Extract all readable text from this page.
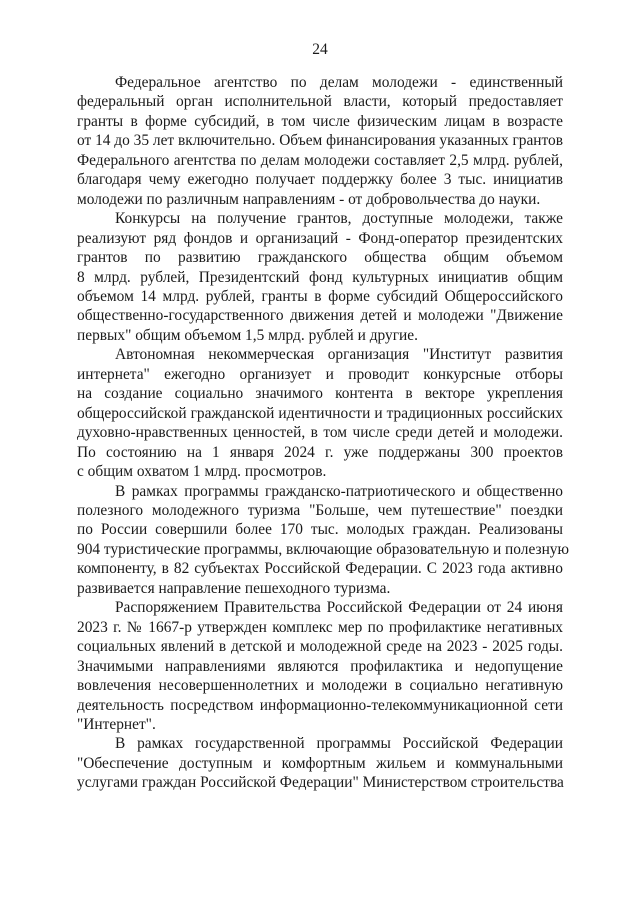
24
Федеральное агентство по делам молодежи - единственный
федеральный орган исполнительной власти, который предоставляет
гранты в форме субсидий, в том числе физическим лицам в возрасте
от 14 до 35 лет включительно. Объем финансирования указанных грантов
Федерального агентства по делам молодежи составляет 2,5 млрд. рублей,
благодаря чему ежегодно получает поддержку более 3 тыс. инициатив
молодежи по различным направлениям - от добровольчества до науки.
Конкурсы на получение грантов, доступные молодежи, также
реализуют ряд фондов и организаций - Фонд-оператор президентских
грантов по развитию гражданского общества общим объемом
8 млрд. рублей, Президентский фонд культурных инициатив общим
объемом 14 млрд. рублей, гранты в форме субсидий Общероссийского
общественно-государственного движения детей и молодежи "Движение
первых" общим объемом 1,5 млрд. рублей и другие.
Автономная некоммерческая организация "Институт развития
интернета" ежегодно организует и проводит конкурсные отборы
на создание социально значимого контента в векторе укрепления
общероссийской гражданской идентичности и традиционных российских
духовно-нравственных ценностей, в том числе среди детей и молодежи.
По состоянию на 1 января 2024 г. уже поддержаны 300 проектов
с общим охватом 1 млрд. просмотров.
В рамках программы гражданско-патриотического и общественно
полезного молодежного туризма "Больше, чем путешествие" поездки
по России совершили более 170 тыс. молодых граждан. Реализованы
904 туристические программы, включающие образовательную и полезную
компоненту, в 82 субъектах Российской Федерации. С 2023 года активно
развивается направление пешеходного туризма.
Распоряжением Правительства Российской Федерации от 24 июня
2023 г. № 1667-р утвержден комплекс мер по профилактике негативных
социальных явлений в детской и молодежной среде на 2023 - 2025 годы.
Значимыми направлениями являются профилактика и недопущение
вовлечения несовершеннолетних и молодежи в социально негативную
деятельность посредством информационно-телекоммуникационной сети
"Интернет".
В рамках государственной программы Российской Федерации
"Обеспечение доступным и комфортным жильем и коммунальными
услугами граждан Российской Федерации" Министерством строительства
